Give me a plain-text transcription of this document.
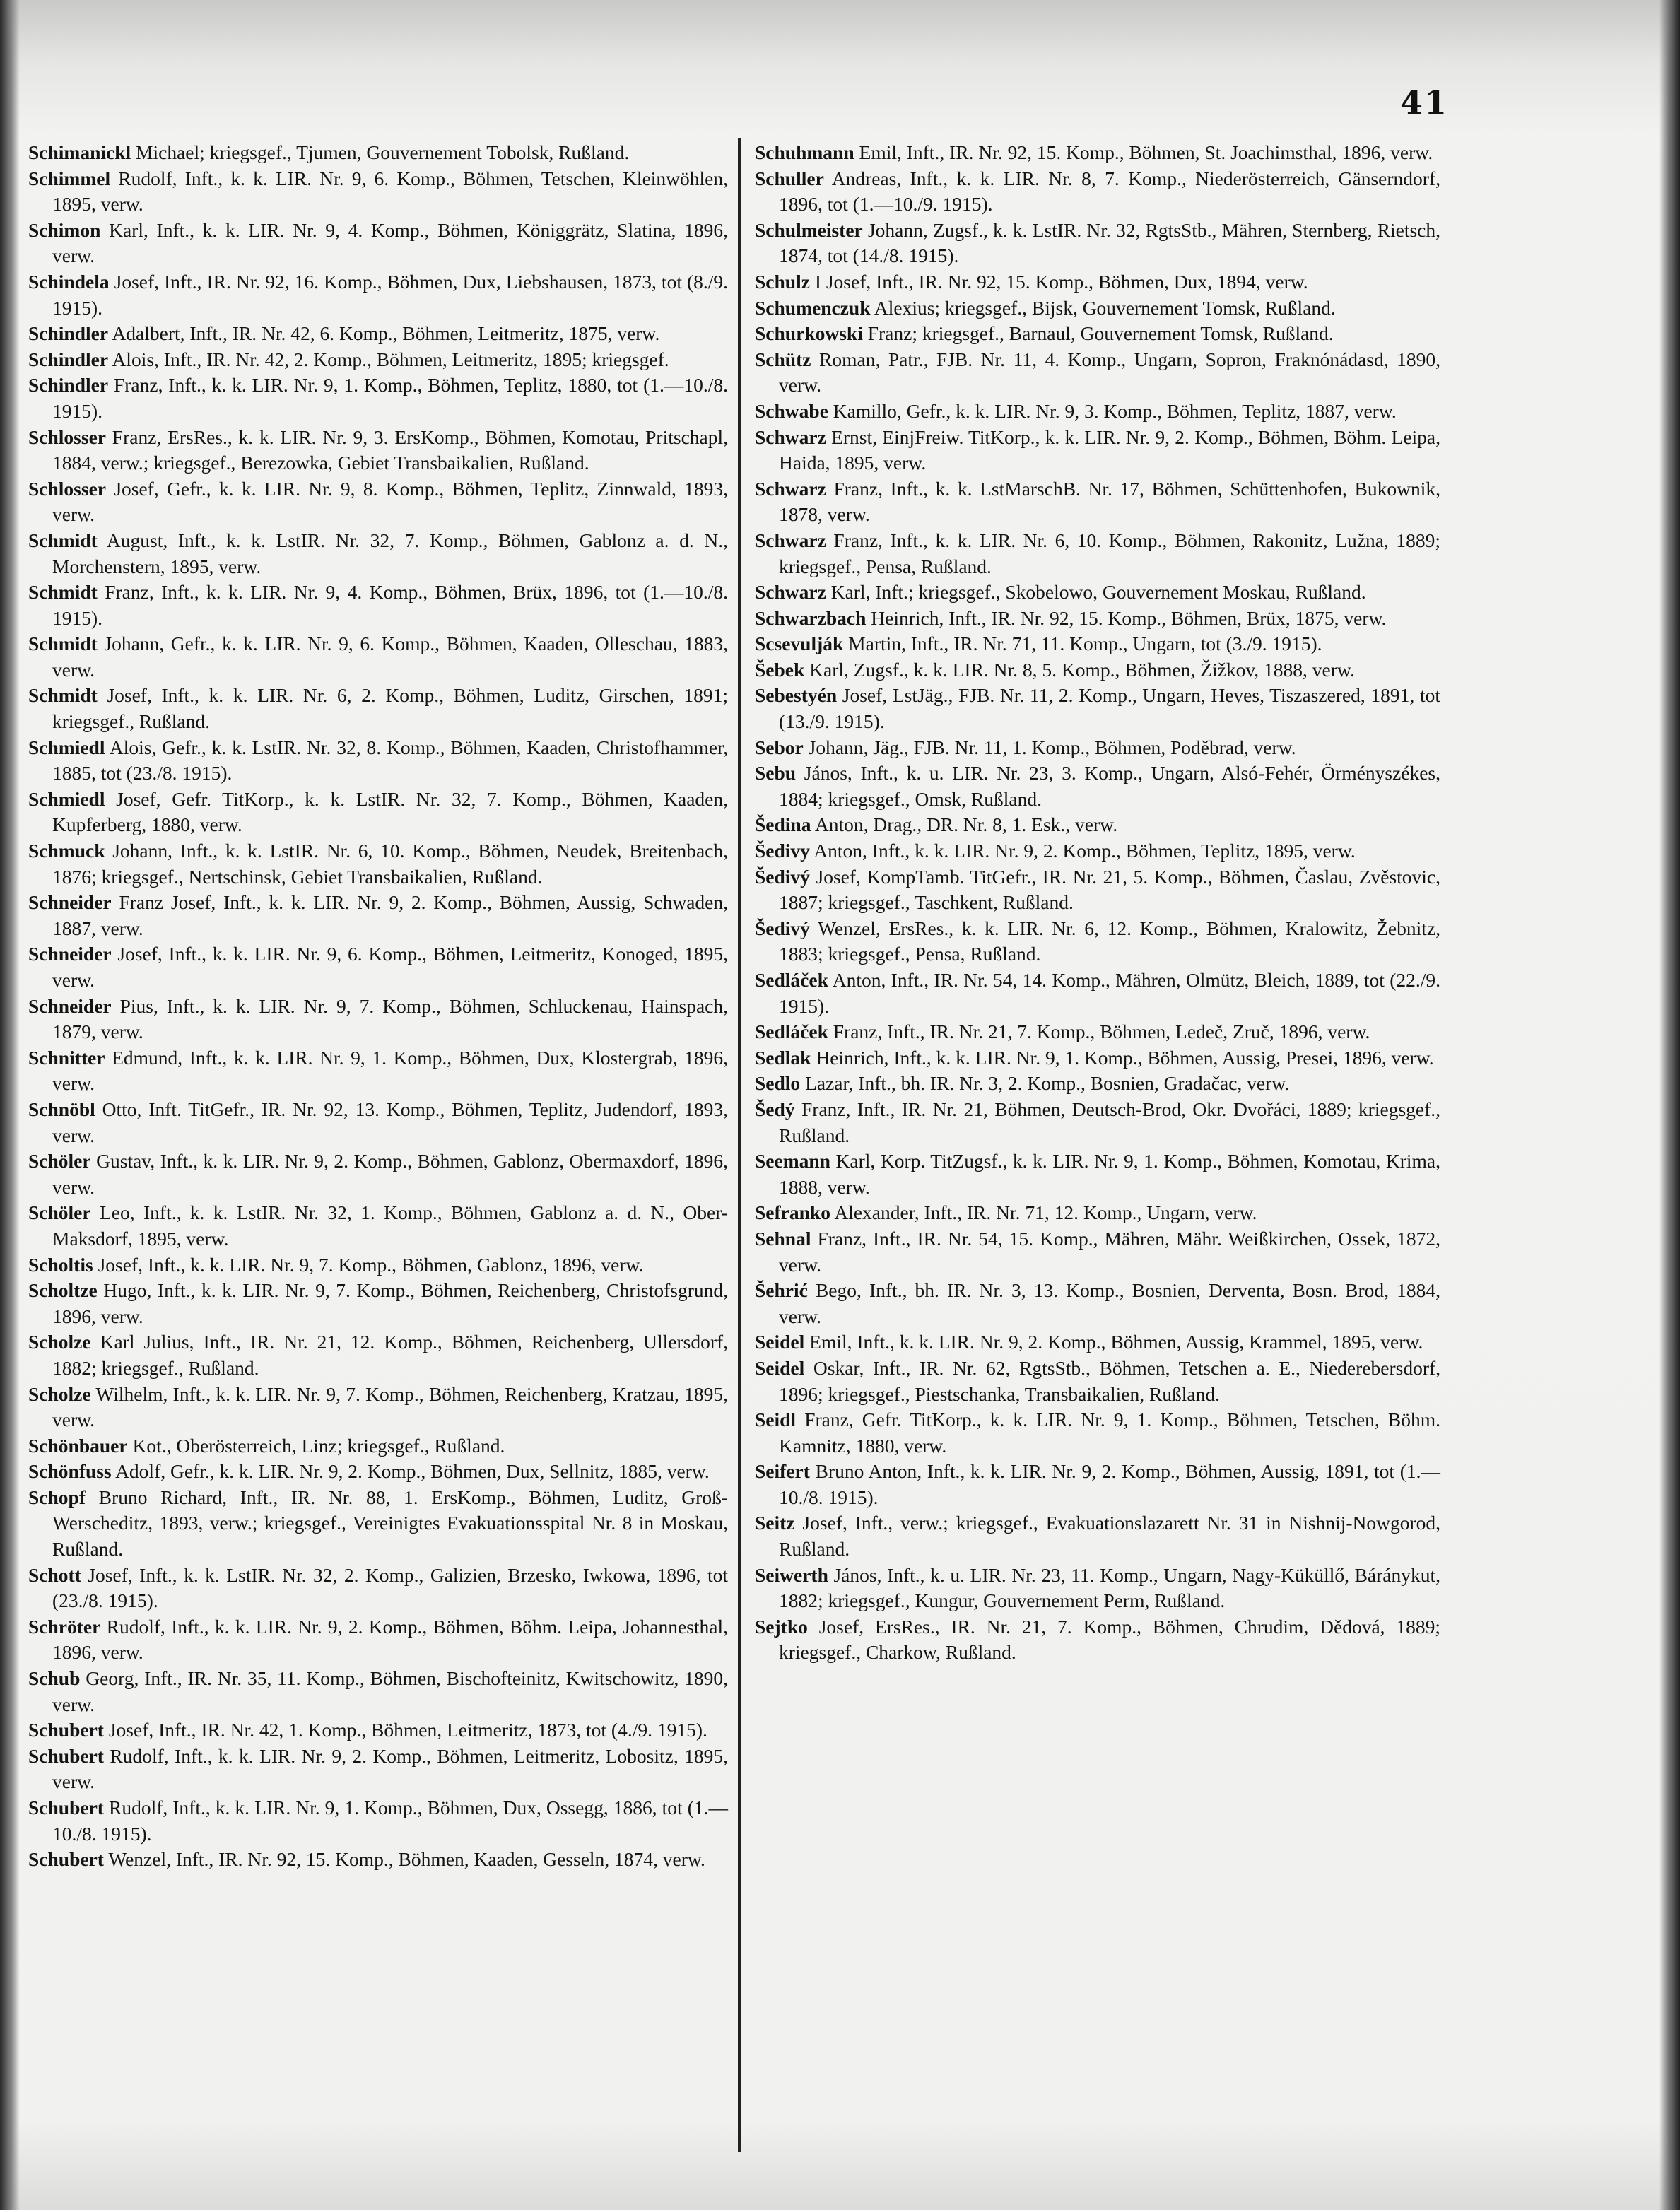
41

Schimanickl Michael; kriegsgef., Tjumen, Gouvernement Tobolsk, Rußland.

Schimmel Rudolf, Inft., k. k. LIR. Nr. 9, 6. Komp., Böhmen, Tetschen, Kleinwöhlen, 1895, verw.

Schimon Karl, Inft., k. k. LIR. Nr. 9, 4. Komp., Böhmen, Königgrätz, Slatina, 1896, verw.

Schindela Josef, Inft., IR. Nr. 92, 16. Komp., Böhmen, Dux, Liebshausen, 1873, tot (8./9. 1915).

Schindler Adalbert, Inft., IR. Nr. 42, 6. Komp., Böhmen, Leitmeritz, 1875, verw.

Schindler Alois, Inft., IR. Nr. 42, 2. Komp., Böhmen, Leitmeritz, 1895; kriegsgef.

Schindler Franz, Inft., k. k. LIR. Nr. 9, 1. Komp., Böhmen, Teplitz, 1880, tot (1.—10./8. 1915).

Schlosser Franz, ErsRes., k. k. LIR. Nr. 9, 3. ErsKomp., Böhmen, Komotau, Pritschapl, 1884, verw.; kriegsgef., Berezowka, Gebiet Transbaikalien, Rußland.

Schlosser Josef, Gefr., k. k. LIR. Nr. 9, 8. Komp., Böhmen, Teplitz, Zinnwald, 1893, verw.

Schmidt August, Inft., k. k. LstIR. Nr. 32, 7. Komp., Böhmen, Gablonz a. d. N., Morchenstern, 1895, verw.

Schmidt Franz, Inft., k. k. LIR. Nr. 9, 4. Komp., Böhmen, Brüx, 1896, tot (1.—10./8. 1915).

Schmidt Johann, Gefr., k. k. LIR. Nr. 9, 6. Komp., Böhmen, Kaaden, Olleschau, 1883, verw.

Schmidt Josef, Inft., k. k. LIR. Nr. 6, 2. Komp., Böhmen, Luditz, Girschen, 1891; kriegsgef., Rußland.

Schmiedl Alois, Gefr., k. k. LstIR. Nr. 32, 8. Komp., Böhmen, Kaaden, Christofhammer, 1885, tot (23./8. 1915).

Schmiedl Josef, Gefr. TitKorp., k. k. LstIR. Nr. 32, 7. Komp., Böhmen, Kaaden, Kupferberg, 1880, verw.

Schmuck Johann, Inft., k. k. LstIR. Nr. 6, 10. Komp., Böhmen, Neudek, Breitenbach, 1876; kriegsgef., Nertschinsk, Gebiet Transbaikalien, Rußland.

Schneider Franz Josef, Inft., k. k. LIR. Nr. 9, 2. Komp., Böhmen, Aussig, Schwaden, 1887, verw.

Schneider Josef, Inft., k. k. LIR. Nr. 9, 6. Komp., Böhmen, Leitmeritz, Konoged, 1895, verw.

Schneider Pius, Inft., k. k. LIR. Nr. 9, 7. Komp., Böhmen, Schluckenau, Hainspach, 1879, verw.

Schnitter Edmund, Inft., k. k. LIR. Nr. 9, 1. Komp., Böhmen, Dux, Klostergrab, 1896, verw.

Schnöbl Otto, Inft. TitGefr., IR. Nr. 92, 13. Komp., Böhmen, Teplitz, Judendorf, 1893, verw.

Schöler Gustav, Inft., k. k. LIR. Nr. 9, 2. Komp., Böhmen, Gablonz, Obermaxdorf, 1896, verw.

Schöler Leo, Inft., k. k. LstIR. Nr. 32, 1. Komp., Böhmen, Gablonz a. d. N., Ober-Maksdorf, 1895, verw.

Scholtis Josef, Inft., k. k. LIR. Nr. 9, 7. Komp., Böhmen, Gablonz, 1896, verw.

Scholtze Hugo, Inft., k. k. LIR. Nr. 9, 7. Komp., Böhmen, Reichenberg, Christofsgrund, 1896, verw.

Scholze Karl Julius, Inft., IR. Nr. 21, 12. Komp., Böhmen, Reichenberg, Ullersdorf, 1882; kriegsgef., Rußland.

Scholze Wilhelm, Inft., k. k. LIR. Nr. 9, 7. Komp., Böhmen, Reichenberg, Kratzau, 1895, verw.

Schönbauer Kot., Oberösterreich, Linz; kriegsgef., Rußland.

Schönfuss Adolf, Gefr., k. k. LIR. Nr. 9, 2. Komp., Böhmen, Dux, Sellnitz, 1885, verw.

Schopf Bruno Richard, Inft., IR. Nr. 88, 1. ErsKomp., Böhmen, Luditz, Groß-Werscheditz, 1893, verw.; kriegsgef., Vereinigtes Evakuationsspital Nr. 8 in Moskau, Rußland.

Schott Josef, Inft., k. k. LstIR. Nr. 32, 2. Komp., Galizien, Brzesko, Iwkowa, 1896, tot (23./8. 1915).

Schröter Rudolf, Inft., k. k. LIR. Nr. 9, 2. Komp., Böhmen, Böhm. Leipa, Johannesthal, 1896, verw.

Schub Georg, Inft., IR. Nr. 35, 11. Komp., Böhmen, Bischofteinitz, Kwitschowitz, 1890, verw.

Schubert Josef, Inft., IR. Nr. 42, 1. Komp., Böhmen, Leitmeritz, 1873, tot (4./9. 1915).

Schubert Rudolf, Inft., k. k. LIR. Nr. 9, 2. Komp., Böhmen, Leitmeritz, Lobositz, 1895, verw.

Schubert Rudolf, Inft., k. k. LIR. Nr. 9, 1. Komp., Böhmen, Dux, Ossegg, 1886, tot (1.—10./8. 1915).

Schubert Wenzel, Inft., IR. Nr. 92, 15. Komp., Böhmen, Kaaden, Gesseln, 1874, verw.

Schuhmann Emil, Inft., IR. Nr. 92, 15. Komp., Böhmen, St. Joachimsthal, 1896, verw.

Schuller Andreas, Inft., k. k. LIR. Nr. 8, 7. Komp., Niederösterreich, Gänserndorf, 1896, tot (1.—10./9. 1915).

Schulmeister Johann, Zugsf., k. k. LstIR. Nr. 32, RgtsStb., Mähren, Sternberg, Rietsch, 1874, tot (14./8. 1915).

Schulz I Josef, Inft., IR. Nr. 92, 15. Komp., Böhmen, Dux, 1894, verw.

Schumenczuk Alexius; kriegsgef., Bijsk, Gouvernement Tomsk, Rußland.

Schurkowski Franz; kriegsgef., Barnaul, Gouvernement Tomsk, Rußland.

Schütz Roman, Patr., FJB. Nr. 11, 4. Komp., Ungarn, Sopron, Fraknónádasd, 1890, verw.

Schwabe Kamillo, Gefr., k. k. LIR. Nr. 9, 3. Komp., Böhmen, Teplitz, 1887, verw.

Schwarz Ernst, EinjFreiw. TitKorp., k. k. LIR. Nr. 9, 2. Komp., Böhmen, Böhm. Leipa, Haida, 1895, verw.

Schwarz Franz, Inft., k. k. LstMarschB. Nr. 17, Böhmen, Schüttenhofen, Bukownik, 1878, verw.

Schwarz Franz, Inft., k. k. LIR. Nr. 6, 10. Komp., Böhmen, Rakonitz, Lužna, 1889; kriegsgef., Pensa, Rußland.

Schwarz Karl, Inft.; kriegsgef., Skobelowo, Gouvernement Moskau, Rußland.

Schwarzbach Heinrich, Inft., IR. Nr. 92, 15. Komp., Böhmen, Brüx, 1875, verw.

Scsevulják Martin, Inft., IR. Nr. 71, 11. Komp., Ungarn, tot (3./9. 1915).

Šebek Karl, Zugsf., k. k. LIR. Nr. 8, 5. Komp., Böhmen, Žižkov, 1888, verw.

Sebestyén Josef, LstJäg., FJB. Nr. 11, 2. Komp., Ungarn, Heves, Tiszaszered, 1891, tot (13./9. 1915).

Sebor Johann, Jäg., FJB. Nr. 11, 1. Komp., Böhmen, Poděbrad, verw.

Sebu János, Inft., k. u. LIR. Nr. 23, 3. Komp., Ungarn, Alsó-Fehér, Örményszékes, 1884; kriegsgef., Omsk, Rußland.

Šedina Anton, Drag., DR. Nr. 8, 1. Esk., verw.

Šedivy Anton, Inft., k. k. LIR. Nr. 9, 2. Komp., Böhmen, Teplitz, 1895, verw.

Šedivý Josef, KompTamb. TitGefr., IR. Nr. 21, 5. Komp., Böhmen, Časlau, Zvěstovic, 1887; kriegsgef., Taschkent, Rußland.

Šedivý Wenzel, ErsRes., k. k. LIR. Nr. 6, 12. Komp., Böhmen, Kralowitz, Žebnitz, 1883; kriegsgef., Pensa, Rußland.

Sedláček Anton, Inft., IR. Nr. 54, 14. Komp., Mähren, Olmütz, Bleich, 1889, tot (22./9. 1915).

Sedláček Franz, Inft., IR. Nr. 21, 7. Komp., Böhmen, Ledeč, Zruč, 1896, verw.

Sedlak Heinrich, Inft., k. k. LIR. Nr. 9, 1. Komp., Böhmen, Aussig, Presei, 1896, verw.

Sedlo Lazar, Inft., bh. IR. Nr. 3, 2. Komp., Bosnien, Gradačac, verw.

Šedý Franz, Inft., IR. Nr. 21, Böhmen, Deutsch-Brod, Okr. Dvořáci, 1889; kriegsgef., Rußland.

Seemann Karl, Korp. TitZugsf., k. k. LIR. Nr. 9, 1. Komp., Böhmen, Komotau, Krima, 1888, verw.

Sefranko Alexander, Inft., IR. Nr. 71, 12. Komp., Ungarn, verw.

Sehnal Franz, Inft., IR. Nr. 54, 15. Komp., Mähren, Mähr. Weißkirchen, Ossek, 1872, verw.

Šehrić Bego, Inft., bh. IR. Nr. 3, 13. Komp., Bosnien, Derventa, Bosn. Brod, 1884, verw.

Seidel Emil, Inft., k. k. LIR. Nr. 9, 2. Komp., Böhmen, Aussig, Krammel, 1895, verw.

Seidel Oskar, Inft., IR. Nr. 62, RgtsStb., Böhmen, Tetschen a. E., Niederebersdorf, 1896; kriegsgef., Piestschanka, Transbaikalien, Rußland.

Seidl Franz, Gefr. TitKorp., k. k. LIR. Nr. 9, 1. Komp., Böhmen, Tetschen, Böhm. Kamnitz, 1880, verw.

Seifert Bruno Anton, Inft., k. k. LIR. Nr. 9, 2. Komp., Böhmen, Aussig, 1891, tot (1.—10./8. 1915).

Seitz Josef, Inft., verw.; kriegsgef., Evakuationslazarett Nr. 31 in Nishnij-Nowgorod, Rußland.

Seiwerth János, Inft., k. u. LIR. Nr. 23, 11. Komp., Ungarn, Nagy-Küküllő, Báránykut, 1882; kriegsgef., Kungur, Gouvernement Perm, Rußland.

Sejtko Josef, ErsRes., IR. Nr. 21, 7. Komp., Böhmen, Chrudim, Dědová, 1889; kriegsgef., Charkow, Rußland.
